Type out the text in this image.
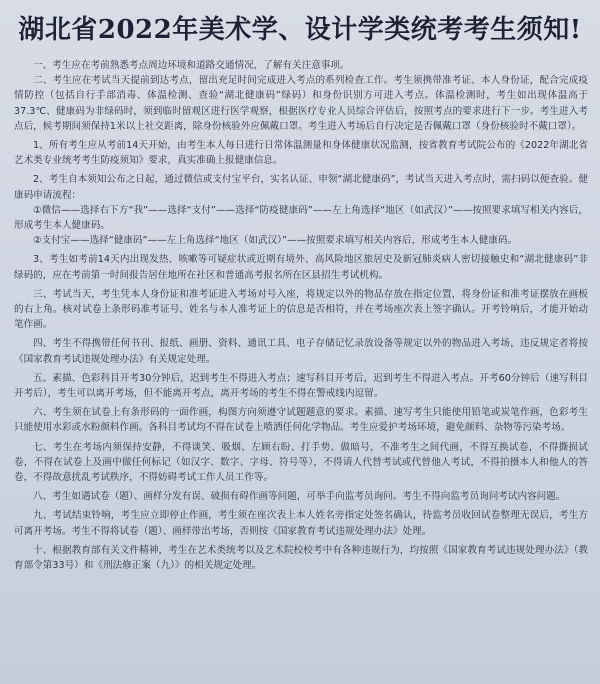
湖北省2022年美术学、设计学类统考考生须知!

一、考生应在考前熟悉考点周边环境和道路交通情况，了解有关注意事项。

二、考生应在考试当天提前到达考点，留出充足时间完成进入考点的系列检查工作。考生须携带准考证、本人身份证，配合完成疫情防控（包括自行手部消毒、体温检测、查验“湖北健康码”绿码）和身份识别方可进入考点。体温检测时，考生如出现体温高于37.3℃、健康码为非绿码时，须到临时留观区进行医学观察，根据医疗专业人员综合评估后，按照考点的要求进行下一步。考生进入考点后，候考期间须保持1米以上社交距离，除身份核验外应佩戴口罩。考生进入考场后自行决定是否佩戴口罩（身份核验时不戴口罩）。

1、所有考生应从考前14天开始，由考生本人每日进行日常体温测量和身体健康状况监测，按省教育考试院公布的《2022年湖北省艺术类专业统考考生防疫须知》要求，真实准确上报健康信息。

2、考生自本须知公布之日起，通过微信或支付宝平台，实名认证、申领“湖北健康码”，考试当天进入考点时，需扫码以便查验。健康码申请流程：

①微信——选择右下方“我”——选择“支付”——选择“防疫健康码”——左上角选择“地区（如武汉）”——按照要求填写相关内容后，形成考生本人健康码。

②支付宝——选择“健康码”——左上角选择“地区（如武汉）”——按照要求填写相关内容后，形成考生本人健康码。

3、考生如考前14天内出现发热、咳嗽等可疑症状或近期有境外、高风险地区旅居史及新冠肺炎病人密切接触史和“湖北健康码”非绿码的，应在考前第一时间报告居住地所在社区和普通高考报名所在区县招生考试机构。

三、考试当天，考生凭本人身份证和准考证进入考场对号入座，将规定以外的物品存放在指定位置，将身份证和准考证摆放在画板的右上角。核对试卷上条形码准考证号、姓名与本人准考证上的信息是否相符，并在考场座次表上签字确认。开考铃响后，才能开始动笔作画。

四、考生不得携带任何书刊、报纸、画册、资料、通讯工具、电子存储记忆录放设备等规定以外的物品进入考场，违反规定者将按《国家教育考试违规处理办法》有关规定处理。

五、素描、色彩科目开考30分钟后，迟到考生不得进入考点；速写科目开考后，迟到考生不得进入考点。开考60分钟后（速写科目开考后），考生可以离开考场，但不能离开考点，离开考场的考生不得在警戒线内逗留。

六、考生须在试卷上有条形码的一面作画，构图方向须遵守试题题意的要求。素描、速写考生只能使用铅笔或炭笔作画，色彩考生只能使用水彩或水粉颜料作画。各科目考试均不得在试卷上喷洒任何化学物品。考生应爱护考场环境，避免颜料、杂物等污染考场。

七、考生在考场内须保持安静，不得谈笑、吸烟、左顾右盼、打手势、做暗号，不准考生之间代画，不得互换试卷，不得撕损试卷，不得在试卷上及画中做任何标记（如汉字、数字、字母、符号等），不得请人代替考试或代替他人考试，不得拍摄本人和他人的答卷，不得故意扰乱考试秩序，不得妨碍考试工作人员工作等。

八、考生如遇试卷（题）、画样分发有误、破损有碍作画等问题，可举手向监考员询问。考生不得向监考员询问考试内容问题。

九、考试结束铃响，考生应立即停止作画，考生须在座次表上本人姓名旁指定处签名确认，待监考员收回试卷整理无误后，考生方可离开考场。考生不得将试卷（题）、画样带出考场，否则按《国家教育考试违规处理办法》处理。

十、根据教育部有关文件精神，考生在艺术类统考以及艺术院校校考中有各种违规行为，均按照《国家教育考试违规处理办法》（教育部令第33号）和《刑法修正案（九）》的相关规定处理。
